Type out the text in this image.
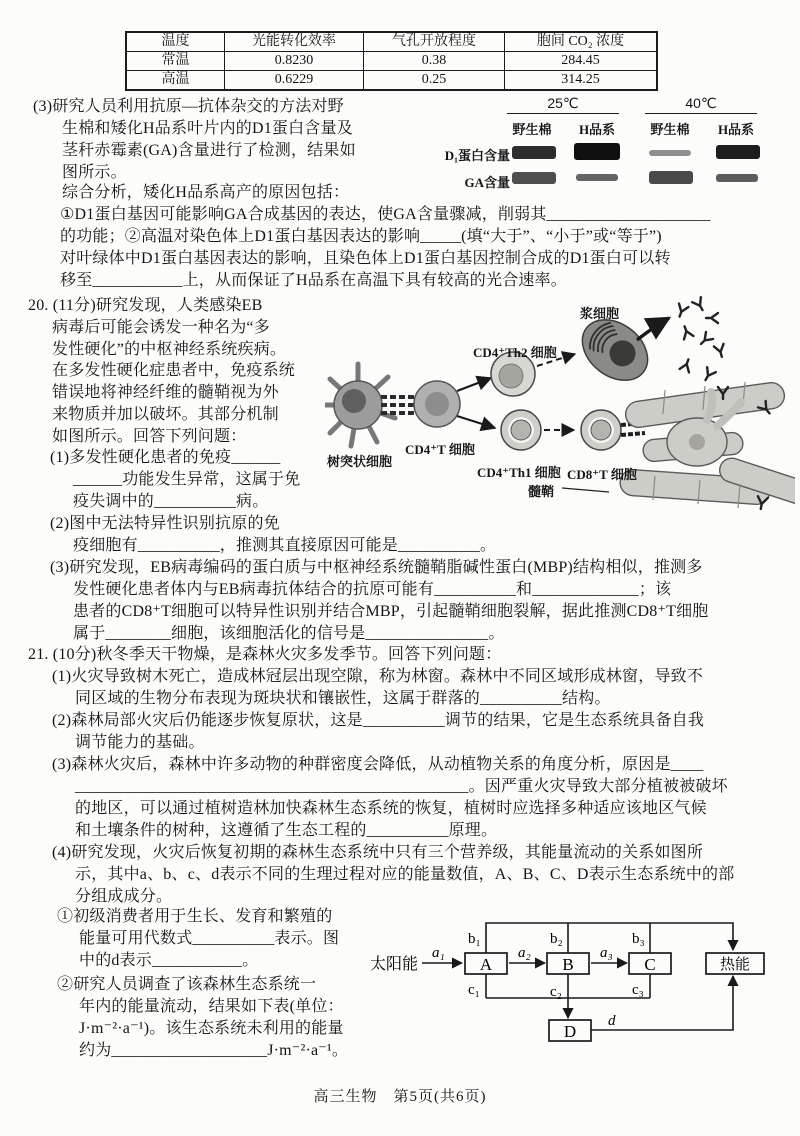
温度	光能转化效率	气孔开放程度	胞间 CO₂ 浓度
常温	0.8230	0.38	284.45
高温	0.6229	0.25	314.25
(3)研究人员利用抗原—抗体杂交的方法对野
生棉和矮化H品系叶片内的D1蛋白含量及
茎秆赤霉素(GA)含量进行了检测，结果如
图所示。
综合分析，矮化H品系高产的原因包括：
①D1蛋白基因可能影响GA合成基因的表达，使GA含量骤减，削弱其____________________
的功能；②高温对染色体上D1蛋白基因表达的影响_____(填“大于”、“小于”或“等于”)
对叶绿体中D1蛋白基因表达的影响，且染色体上D1蛋白基因控制合成的D1蛋白可以转
移至___________上，从而保证了H品系在高温下具有较高的光合速率。
25℃	40℃
野生棉	H品系	野生棉	H品系
D₁蛋白含量
GA含量
20. (11分)研究发现，人类感染EB
病毒后可能会诱发一种名为“多
发性硬化”的中枢神经系统疾病。
在多发性硬化症患者中，免疫系统
错误地将神经纤维的髓鞘视为外
来物质并加以破坏。其部分机制
如图所示。回答下列问题：
(1)多发性硬化患者的免疫______
______功能发生异常，这属于免
疫失调中的__________病。
浆细胞
CD4⁺Th2 细胞
CD4⁺T 细胞
树突状细胞
CD4⁺Th1 细胞 CD8⁺T 细胞
髓鞘
(2)图中无法特异性识别抗原的免
疫细胞有__________，推测其直接原因可能是__________。
(3)研究发现，EB病毒编码的蛋白质与中枢神经系统髓鞘脂碱性蛋白(MBP)结构相似，推测多
发性硬化患者体内与EB病毒抗体结合的抗原可能有__________和_____________；该
患者的CD8⁺T细胞可以特异性识别并结合MBP，引起髓鞘细胞裂解，据此推测CD8⁺T细胞
属于________细胞，该细胞活化的信号是_______________。
21. (10分)秋冬季天干物燥，是森林火灾多发季节。回答下列问题：
(1)火灾导致树木死亡，造成林冠层出现空隙，称为林窗。森林中不同区域形成林窗，导致不
同区域的生物分布表现为斑块状和镶嵌性，这属于群落的__________结构。
(2)森林局部火灾后仍能逐步恢复原状，这是__________调节的结果，它是生态系统具备自我
调节能力的基础。
(3)森林火灾后，森林中许多动物的种群密度会降低，从动植物关系的角度分析，原因是____
________________________________________________。因严重火灾导致大部分植被被破坏
的地区，可以通过植树造林加快森林生态系统的恢复，植树时应选择多种适应该地区气候
和土壤条件的树种，这遵循了生态工程的__________原理。
(4)研究发现，火灾后恢复初期的森林生态系统中只有三个营养级，其能量流动的关系如图所
示，其中a、b、c、d表示不同的生理过程对应的能量数值，A、B、C、D表示生态系统中的部
分组成成分。
①初级消费者用于生长、发育和繁殖的
能量可用代数式__________表示。图
中的d表示___________。
②研究人员调查了该森林生态系统一
年内的能量流动，结果如下表(单位：
J·m⁻²·a⁻¹)。该生态系统未利用的能量
约为___________________J·m⁻²·a⁻¹。
太阳能
a₁
A	B	C	热能
D
a₂	a₃
b₁	b₂	b₃
c₁	c₂	c₃
d
高三生物　第5页(共6页)
